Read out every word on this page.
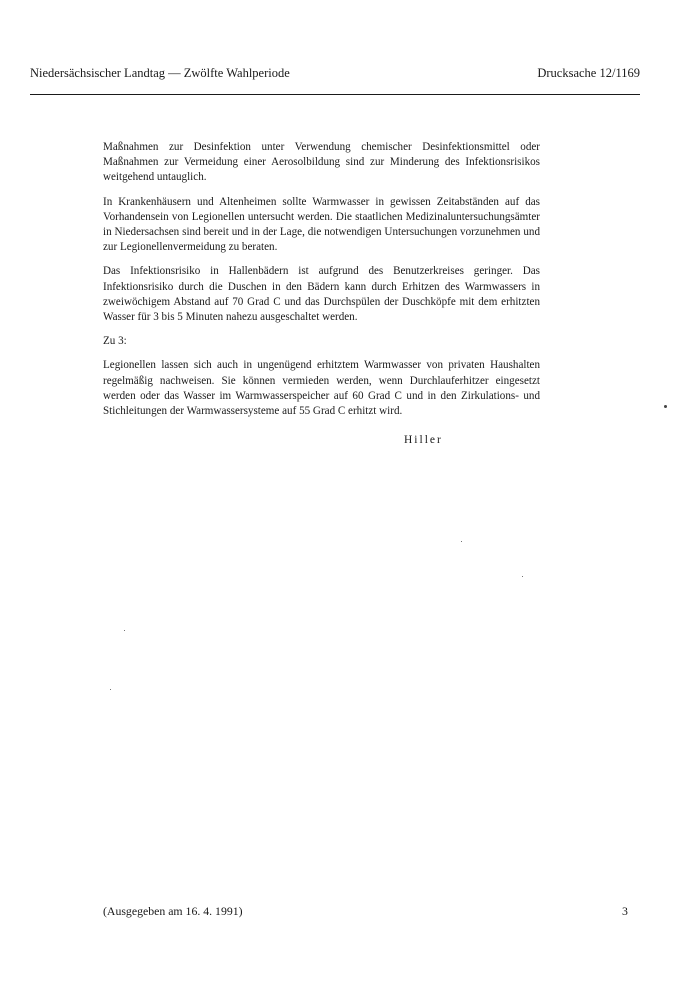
Niedersächsischer Landtag — Zwölfte Wahlperiode	Drucksache 12/1169

Maßnahmen zur Desinfektion unter Verwendung chemischer Desinfektionsmittel oder Maßnahmen zur Vermeidung einer Aerosolbildung sind zur Minderung des Infektionsrisikos weitgehend untauglich.

In Krankenhäusern und Altenheimen sollte Warmwasser in gewissen Zeitabständen auf das Vorhandensein von Legionellen untersucht werden. Die staatlichen Medizinaluntersuchungsämter in Niedersachsen sind bereit und in der Lage, die notwendigen Untersuchungen vorzunehmen und zur Legionellenvermeidung zu beraten.

Das Infektionsrisiko in Hallenbädern ist aufgrund des Benutzerkreises geringer. Das Infektionsrisiko durch die Duschen in den Bädern kann durch Erhitzen des Warmwassers in zweiwöchigem Abstand auf 70 Grad C und das Durchspülen der Duschköpfe mit dem erhitzten Wasser für 3 bis 5 Minuten nahezu ausgeschaltet werden.

Zu 3:

Legionellen lassen sich auch in ungenügend erhitztem Warmwasser von privaten Haushalten regelmäßig nachweisen. Sie können vermieden werden, wenn Durchlauferhitzer eingesetzt werden oder das Wasser im Warmwasserspeicher auf 60 Grad C und in den Zirkulations- und Stichleitungen der Warmwassersysteme auf 55 Grad C erhitzt wird.

Hiller
(Ausgegeben am 16. 4. 1991)	3
